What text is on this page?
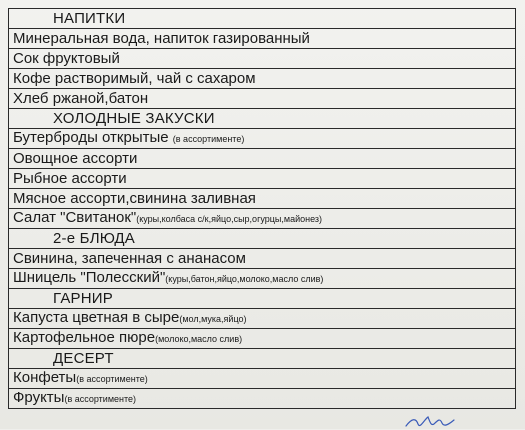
НАПИТКИ
Минеральная вода, напиток газированный
Сок фруктовый
Кофе растворимый, чай с сахаром
Хлеб ржаной,батон
ХОЛОДНЫЕ ЗАКУСКИ
Бутерброды открытые (в ассортименте)
Овощное ассорти
Рыбное ассорти
Мясное ассорти,свинина заливная
Салат "Свитанок"(куры,колбаса с/к,яйцо,сыр,огурцы,майонез)
2-е БЛЮДА
Свинина, запеченная с ананасом
Шницель "Полесский"(куры,батон,яйцо,молоко,масло слив)
ГАРНИР
Капуста цветная в сыре(мол,мука,яйцо)
Картофельное пюре(молоко,масло слив)
ДЕСЕРТ
Конфеты(в ассортименте)
Фрукты(в ассортименте)
